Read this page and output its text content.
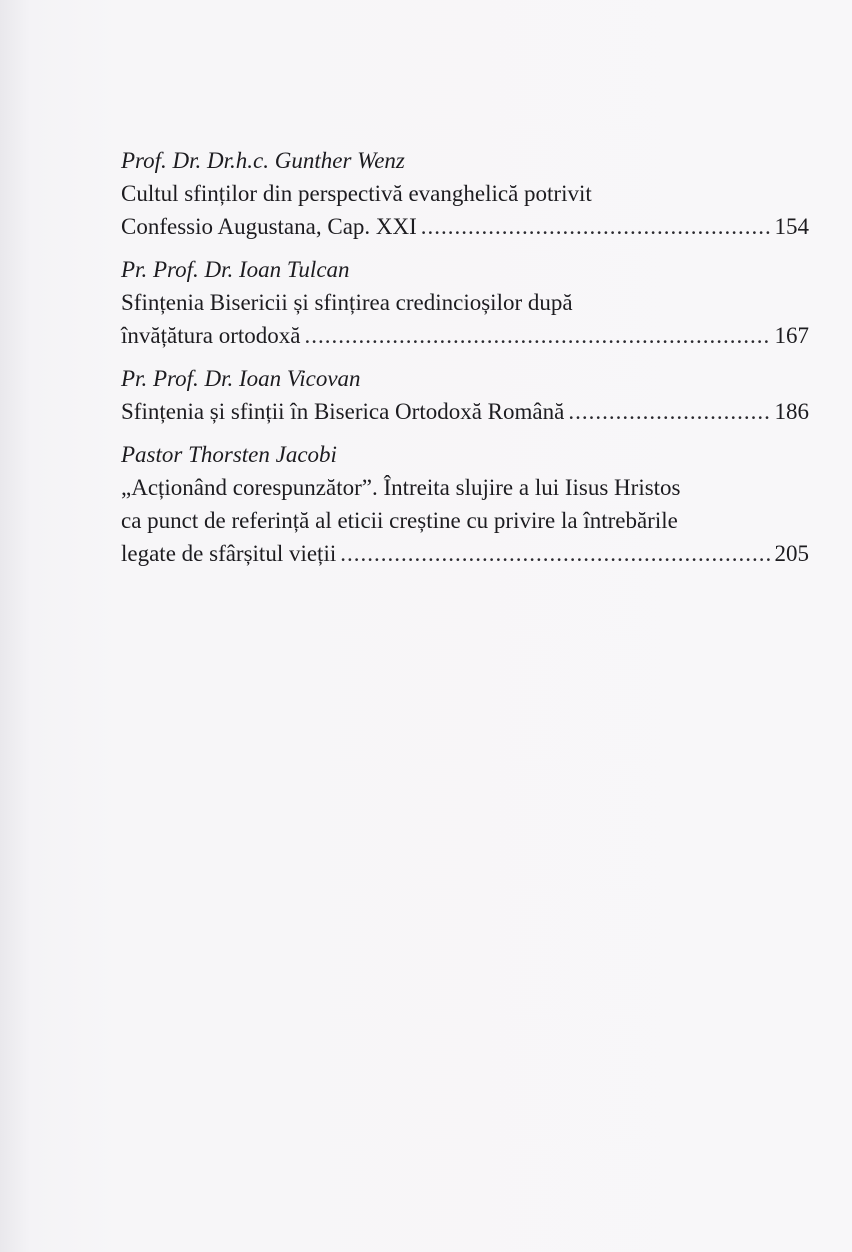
Prof. Dr. Dr.h.c. Gunther Wenz
Cultul sfinților din perspectivă evanghelică potrivit
Confessio Augustana, Cap. XXI .....	154
Pr. Prof. Dr. Ioan Tulcan
Sfințenia Bisericii și sfințirea credincioșilor după
învățătura ortodoxă .....	167
Pr. Prof. Dr. Ioan Vicovan
Sfințenia și sfinții în Biserica Ortodoxă Română .....	186
Pastor Thorsten Jacobi
„Acționând corespunzător”. Întreita slujire a lui Iisus Hristos
ca punct de referință al eticii creștine cu privire la întrebările
legate de sfârșitul vieții .....	205
